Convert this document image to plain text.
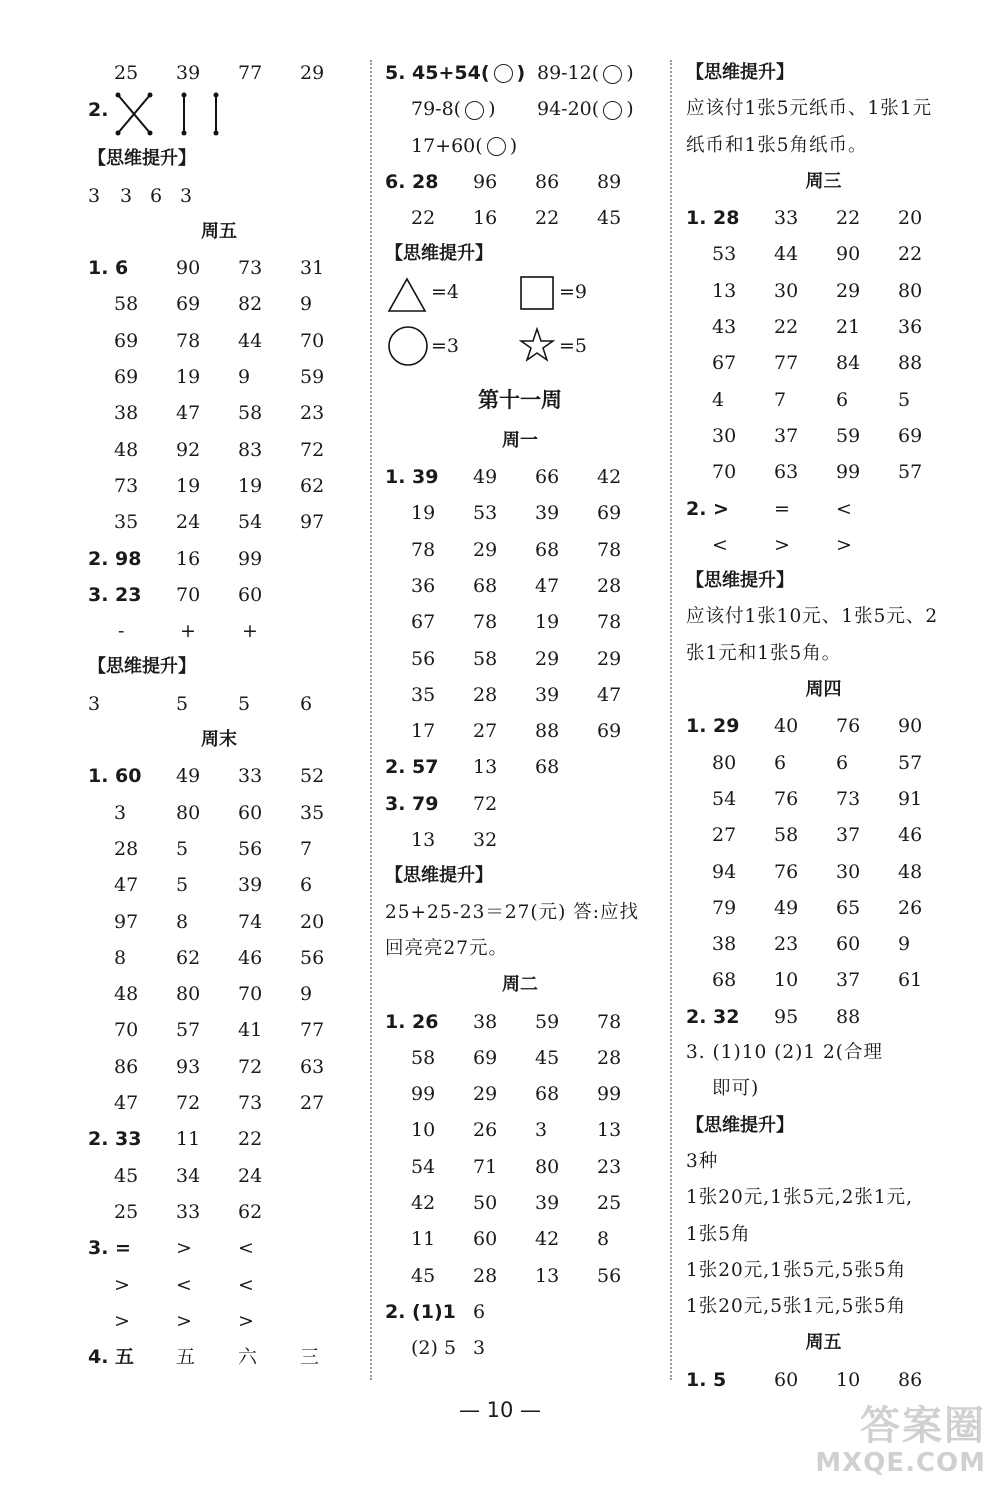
25 39 77 29
2.
【思维提升】
3 3 6 3
周五
1. 6	90 73 31
58 69 82 9
69 78 44 70
69 19 9	59
38 47 58 23
48 92 83 72
73 19 19 62
35 24 54 97
2. 98 16 99
3. 23 70 60
-	+ +
【思维提升】
3	5	5	6
周末
1. 60 49 33 52
3	80 60 35
28 5	56 7
47 5	39 6
97 8	74 20
8	62 46 56
48 80 70 9
70 57 41 77
86 93 72 63
47 72 73 27
2. 33 11 22
45 34 24
25 33 62
3. = > <
> < <
> > >
4. 五 五 六 三
5. 45+54( ) 89-12( )
79-8( ) 94-20( )
17+60( )
6. 28 96 86 89
22 16 22 45
【思维提升】
=4	=9
=3	=5
第十一周
周一
1. 39 49 66 42
19 53 39 69
78 29 68 78
36 68 47 28
67 78 19 78
56 58 29 29
35 28 39 47
17 27 88 69
2. 57 13 68
3. 79 72
13 32
【思维提升】
25+25-23＝27(元) 答:应找
回亮亮27元。
周二
1. 26 38 59 78
58 69 45 28
99 29 68 99
10 26 3	13
54 71 80 23
42 50 39 25
11 60 42 8
45 28 13 56
2. (1)1 6
(2) 5 3
【思维提升】
应该付1张5元纸币、1张1元
纸币和1张5角纸币。
周三
1. 28 33 22 20
53 44 90 22
13 30 29 80
43 22 21 36
67 77 84 88
4	7	6	5
30 37 59 69
70 63 99 57
2. > = <
< > >
【思维提升】
应该付1张10元、1张5元、2
张1元和1张5角。
周四
1. 29 40 76 90
80 6	6	57
54 76 73 91
27 58 37 46
94 76 30 48
79 49 65 26
38 23 60 9
68 10 37 61
2. 32 95 88
3. (1)10 (2)1 2(合理
即可)
【思维提升】
3种
1张20元,1张5元,2张1元,
1张5角
1张20元,1张5元,5张5角
1张20元,5张1元,5张5角
周五
1. 5	60 10 86
— 10 —	答案圈
MXQE.COM
